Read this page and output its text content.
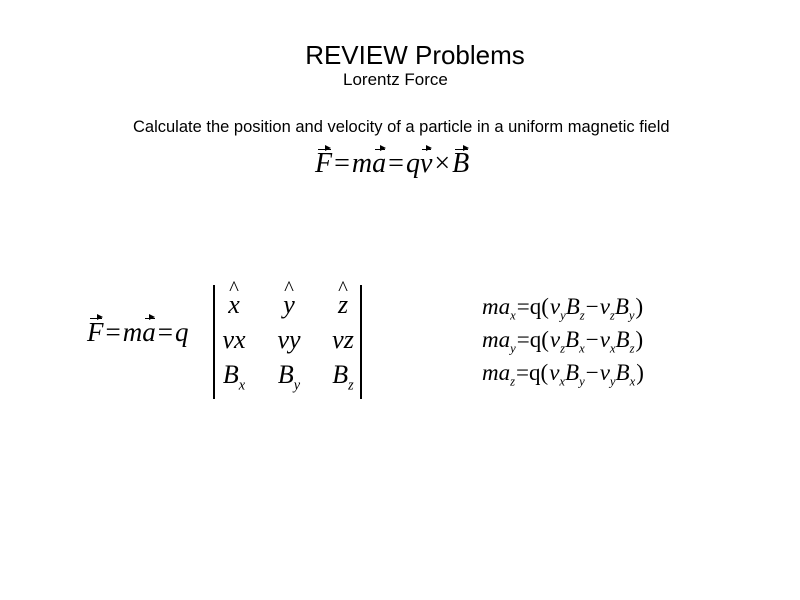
REVIEW Problems
Lorentz Force
Calculate the position and velocity of a particle in a uniform magnetic field
F=ma=qv×B
F=ma=q
^ x	^ y	^ z
vx	vy	vz
$B_x$	$B_y$	$B_z$
$ma_x=q(v_yB_z-v_zB_y)$
$ma_y=q(v_zB_x-v_xB_z)$
$ma_z=q(v_xB_y-v_yB_x)$
